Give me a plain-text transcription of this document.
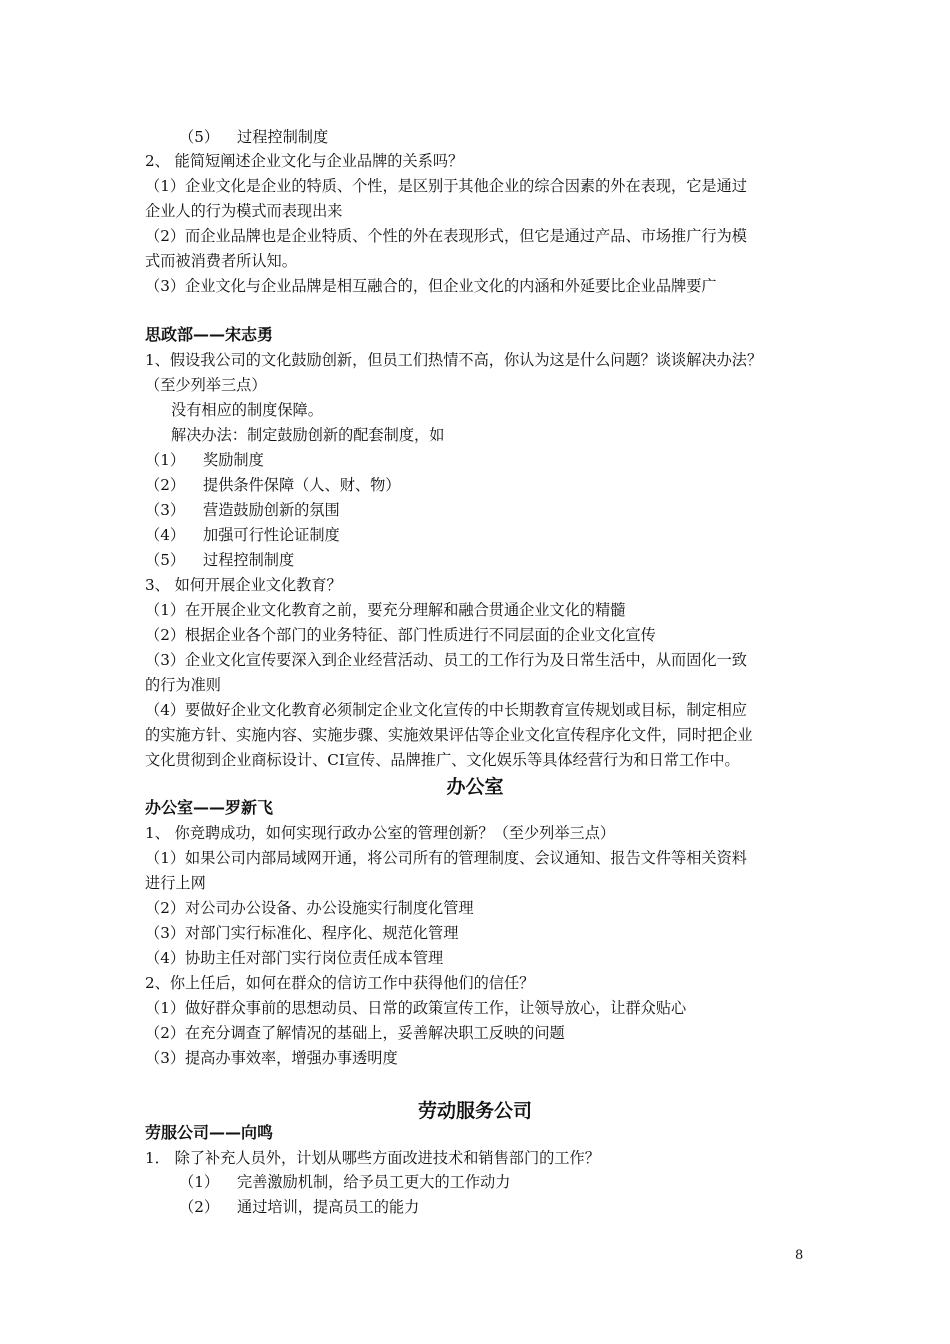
（5） 过程控制制度
2、 能简短阐述企业文化与企业品牌的关系吗？
（1）企业文化是企业的特质、个性，是区别于其他企业的综合因素的外在表现，它是通过
企业人的行为模式而表现出来
（2）而企业品牌也是企业特质、个性的外在表现形式，但它是通过产品、市场推广行为模
式而被消费者所认知。
（3）企业文化与企业品牌是相互融合的，但企业文化的内涵和外延要比企业品牌要广
思政部——宋志勇
1、假设我公司的文化鼓励创新，但员工们热情不高，你认为这是什么问题？谈谈解决办法？
（至少列举三点）
没有相应的制度保障。
解决办法：制定鼓励创新的配套制度，如
（1） 奖励制度
（2） 提供条件保障（人、财、物）
（3） 营造鼓励创新的氛围
（4） 加强可行性论证制度
（5） 过程控制制度
3、 如何开展企业文化教育？
（1）在开展企业文化教育之前，要充分理解和融合贯通企业文化的精髓
（2）根据企业各个部门的业务特征、部门性质进行不同层面的企业文化宣传
（3）企业文化宣传要深入到企业经营活动、员工的工作行为及日常生活中，从而固化一致
的行为准则
（4）要做好企业文化教育必须制定企业文化宣传的中长期教育宣传规划或目标，制定相应
的实施方针、实施内容、实施步骤、实施效果评估等企业文化宣传程序化文件，同时把企业
文化贯彻到企业商标设计、CI宣传、品牌推广、文化娱乐等具体经营行为和日常工作中。
办公室
办公室——罗新飞
1、 你竞聘成功，如何实现行政办公室的管理创新？（至少列举三点）
（1）如果公司内部局域网开通，将公司所有的管理制度、会议通知、报告文件等相关资料
进行上网
（2）对公司办公设备、办公设施实行制度化管理
（3）对部门实行标准化、程序化、规范化管理
（4）协助主任对部门实行岗位责任成本管理
2、你上任后，如何在群众的信访工作中获得他们的信任？
（1）做好群众事前的思想动员、日常的政策宣传工作，让领导放心，让群众贴心
（2）在充分调查了解情况的基础上，妥善解决职工反映的问题
（3）提高办事效率，增强办事透明度
劳动服务公司
劳服公司——向鸣
1． 除了补充人员外，计划从哪些方面改进技术和销售部门的工作？
（1） 完善激励机制，给予员工更大的工作动力
（2） 通过培训，提高员工的能力
8
